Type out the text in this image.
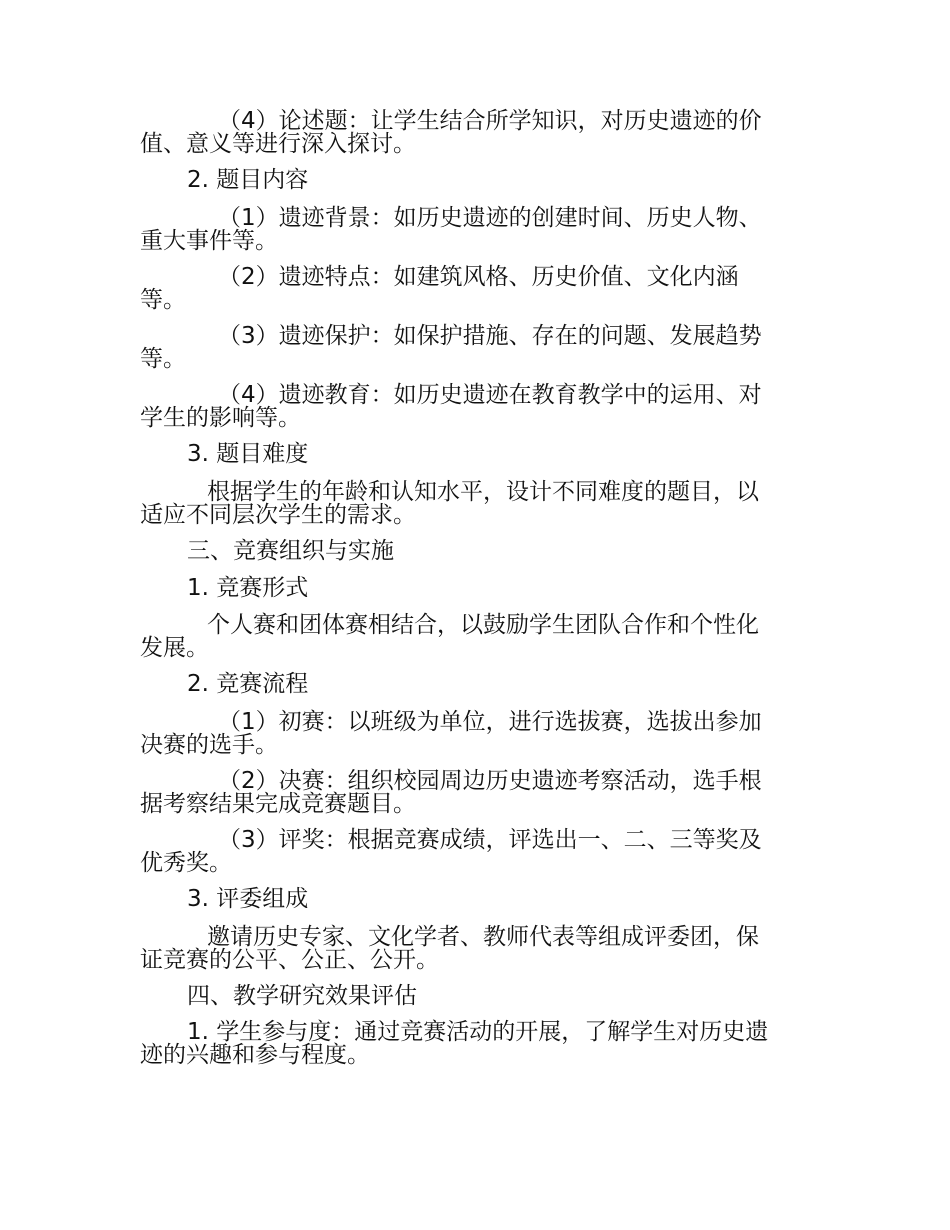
（4）论述题：让学生结合所学知识，对历史遗迹的价
值、意义等进行深入探讨。
2. 题目内容
（1）遗迹背景：如历史遗迹的创建时间、历史人物、
重大事件等。
（2）遗迹特点：如建筑风格、历史价值、文化内涵
等。
（3）遗迹保护：如保护措施、存在的问题、发展趋势
等。
（4）遗迹教育：如历史遗迹在教育教学中的运用、对
学生的影响等。
3. 题目难度
根据学生的年龄和认知水平，设计不同难度的题目，以
适应不同层次学生的需求。
三、竞赛组织与实施
1. 竞赛形式
个人赛和团体赛相结合，以鼓励学生团队合作和个性化
发展。
2. 竞赛流程
（1）初赛：以班级为单位，进行选拔赛，选拔出参加
决赛的选手。
（2）决赛：组织校园周边历史遗迹考察活动，选手根
据考察结果完成竞赛题目。
（3）评奖：根据竞赛成绩，评选出一、二、三等奖及
优秀奖。
3. 评委组成
邀请历史专家、文化学者、教师代表等组成评委团，保
证竞赛的公平、公正、公开。
四、教学研究效果评估
1. 学生参与度：通过竞赛活动的开展，了解学生对历史遗
迹的兴趣和参与程度。
